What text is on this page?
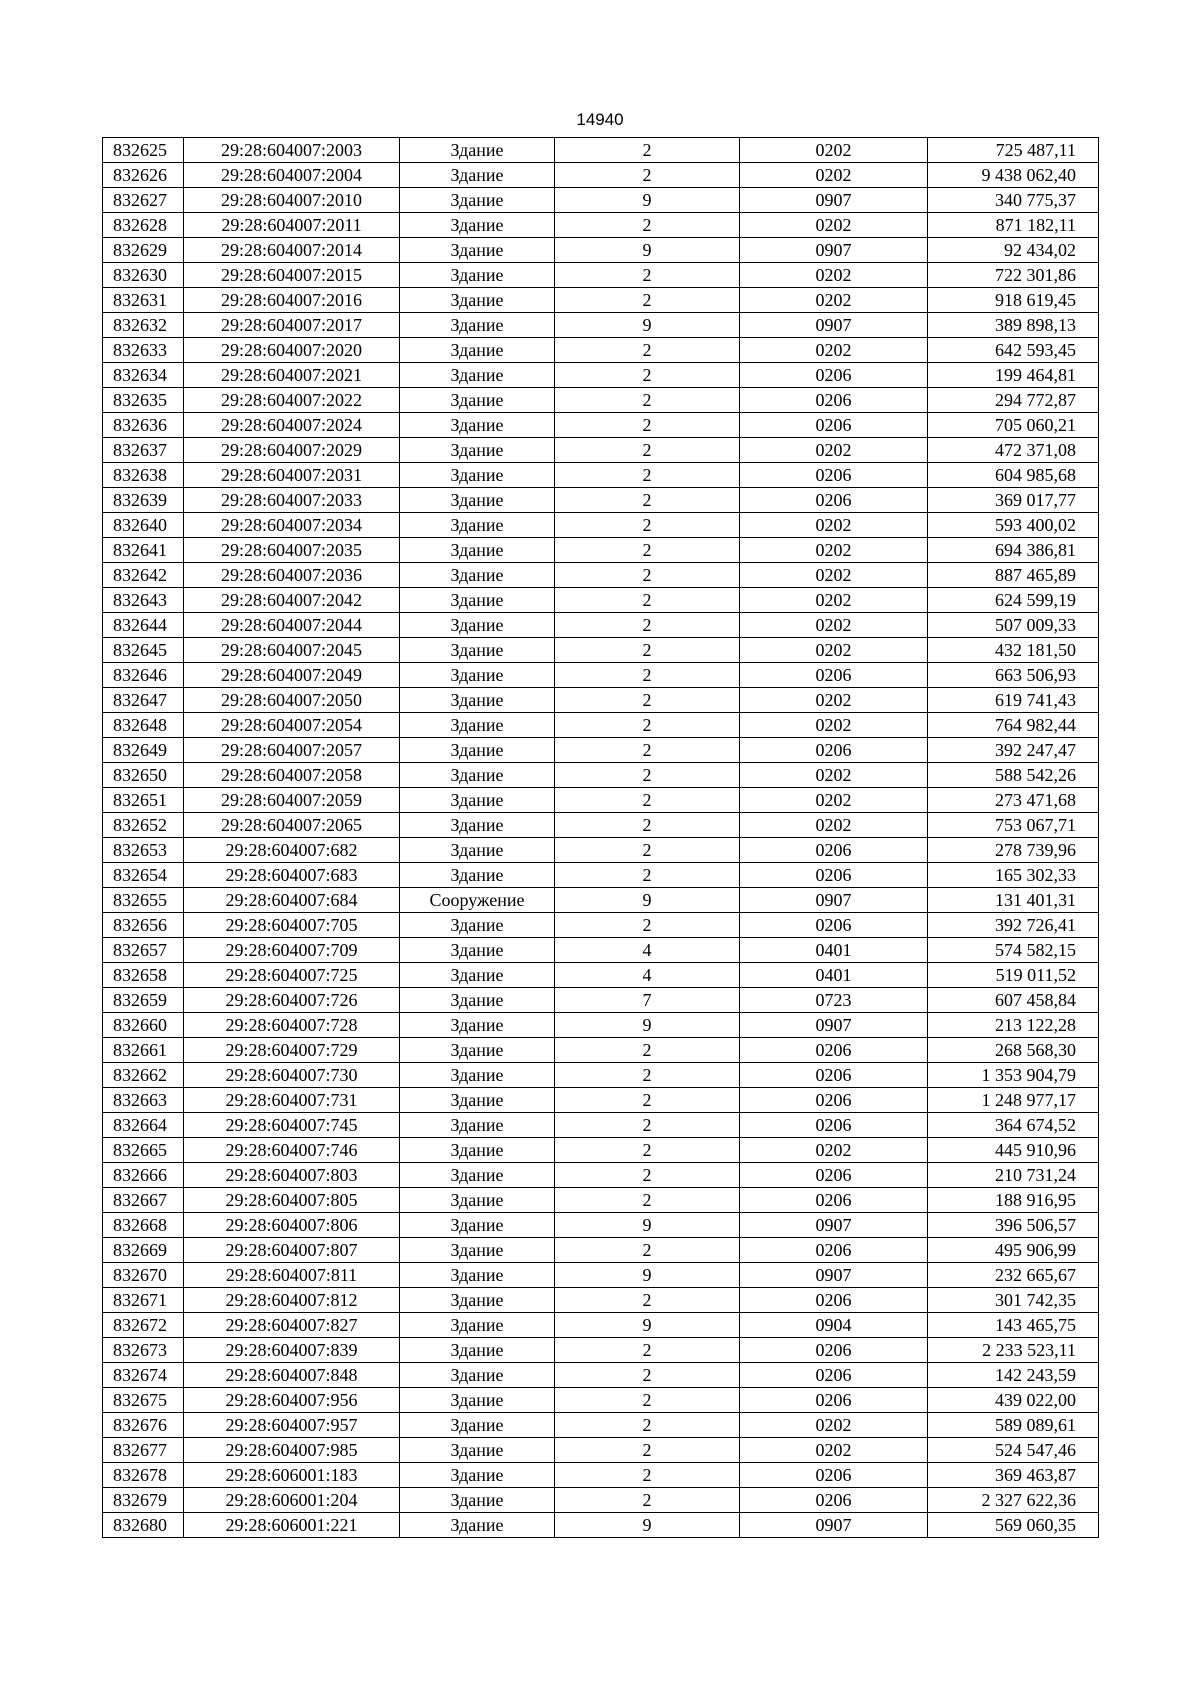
14940
832625	29:28:604007:2003	Здание	2	0202	725 487,11
832626	29:28:604007:2004	Здание	2	0202	9 438 062,40
832627	29:28:604007:2010	Здание	9	0907	340 775,37
832628	29:28:604007:2011	Здание	2	0202	871 182,11
832629	29:28:604007:2014	Здание	9	0907	92 434,02
832630	29:28:604007:2015	Здание	2	0202	722 301,86
832631	29:28:604007:2016	Здание	2	0202	918 619,45
832632	29:28:604007:2017	Здание	9	0907	389 898,13
832633	29:28:604007:2020	Здание	2	0202	642 593,45
832634	29:28:604007:2021	Здание	2	0206	199 464,81
832635	29:28:604007:2022	Здание	2	0206	294 772,87
832636	29:28:604007:2024	Здание	2	0206	705 060,21
832637	29:28:604007:2029	Здание	2	0202	472 371,08
832638	29:28:604007:2031	Здание	2	0206	604 985,68
832639	29:28:604007:2033	Здание	2	0206	369 017,77
832640	29:28:604007:2034	Здание	2	0202	593 400,02
832641	29:28:604007:2035	Здание	2	0202	694 386,81
832642	29:28:604007:2036	Здание	2	0202	887 465,89
832643	29:28:604007:2042	Здание	2	0202	624 599,19
832644	29:28:604007:2044	Здание	2	0202	507 009,33
832645	29:28:604007:2045	Здание	2	0202	432 181,50
832646	29:28:604007:2049	Здание	2	0206	663 506,93
832647	29:28:604007:2050	Здание	2	0202	619 741,43
832648	29:28:604007:2054	Здание	2	0202	764 982,44
832649	29:28:604007:2057	Здание	2	0206	392 247,47
832650	29:28:604007:2058	Здание	2	0202	588 542,26
832651	29:28:604007:2059	Здание	2	0202	273 471,68
832652	29:28:604007:2065	Здание	2	0202	753 067,71
832653	29:28:604007:682	Здание	2	0206	278 739,96
832654	29:28:604007:683	Здание	2	0206	165 302,33
832655	29:28:604007:684	Сооружение	9	0907	131 401,31
832656	29:28:604007:705	Здание	2	0206	392 726,41
832657	29:28:604007:709	Здание	4	0401	574 582,15
832658	29:28:604007:725	Здание	4	0401	519 011,52
832659	29:28:604007:726	Здание	7	0723	607 458,84
832660	29:28:604007:728	Здание	9	0907	213 122,28
832661	29:28:604007:729	Здание	2	0206	268 568,30
832662	29:28:604007:730	Здание	2	0206	1 353 904,79
832663	29:28:604007:731	Здание	2	0206	1 248 977,17
832664	29:28:604007:745	Здание	2	0206	364 674,52
832665	29:28:604007:746	Здание	2	0202	445 910,96
832666	29:28:604007:803	Здание	2	0206	210 731,24
832667	29:28:604007:805	Здание	2	0206	188 916,95
832668	29:28:604007:806	Здание	9	0907	396 506,57
832669	29:28:604007:807	Здание	2	0206	495 906,99
832670	29:28:604007:811	Здание	9	0907	232 665,67
832671	29:28:604007:812	Здание	2	0206	301 742,35
832672	29:28:604007:827	Здание	9	0904	143 465,75
832673	29:28:604007:839	Здание	2	0206	2 233 523,11
832674	29:28:604007:848	Здание	2	0206	142 243,59
832675	29:28:604007:956	Здание	2	0206	439 022,00
832676	29:28:604007:957	Здание	2	0202	589 089,61
832677	29:28:604007:985	Здание	2	0202	524 547,46
832678	29:28:606001:183	Здание	2	0206	369 463,87
832679	29:28:606001:204	Здание	2	0206	2 327 622,36
832680	29:28:606001:221	Здание	9	0907	569 060,35
